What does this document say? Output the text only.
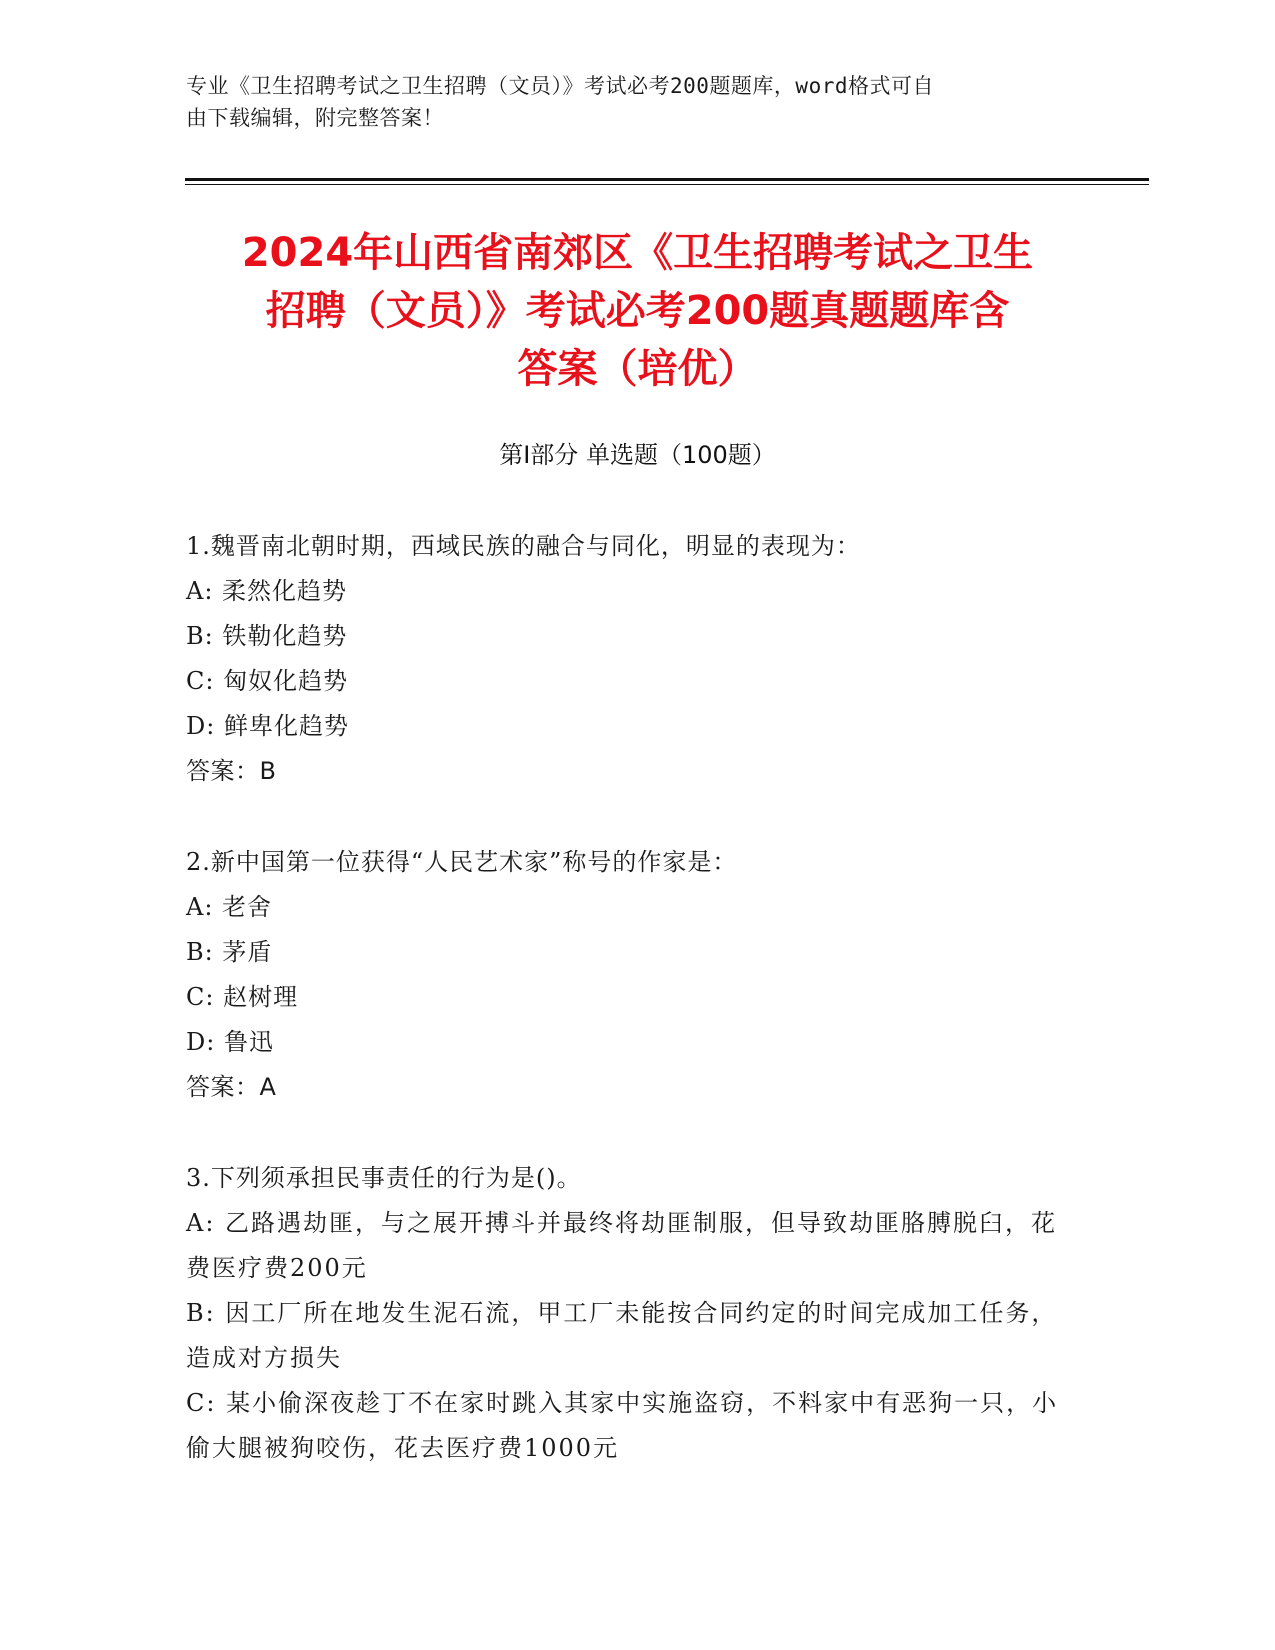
专业《卫生招聘考试之卫生招聘（文员）》考试必考200题题库，word格式可自
由下载编辑，附完整答案！
2024年山西省南郊区《卫生招聘考试之卫生
招聘（文员）》考试必考200题真题题库含
答案（培优）
第I部分 单选题（100题）
1.魏晋南北朝时期，西域民族的融合与同化，明显的表现为：
A: 柔然化趋势
B: 铁勒化趋势
C: 匈奴化趋势
D: 鲜卑化趋势
答案：B
2.新中国第一位获得“人民艺术家”称号的作家是：
A: 老舍
B: 茅盾
C: 赵树理
D: 鲁迅
答案：A
3.下列须承担民事责任的行为是()。
A: 乙路遇劫匪，与之展开搏斗并最终将劫匪制服，但导致劫匪胳膊脱臼，花费医疗费200元
B: 因工厂所在地发生泥石流，甲工厂未能按合同约定的时间完成加工任务，造成对方损失
C: 某小偷深夜趁丁不在家时跳入其家中实施盗窃，不料家中有恶狗一只，小偷大腿被狗咬伤，花去医疗费1000元
